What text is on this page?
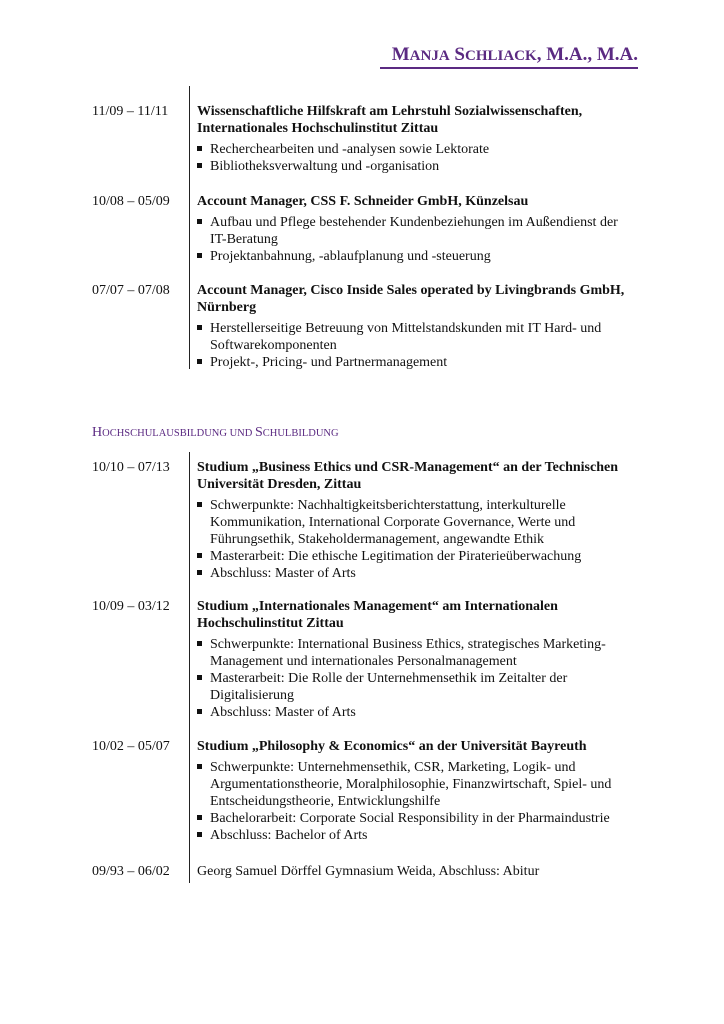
MANJA SCHLIACK, M.A., M.A.
11/09 – 11/11 Wissenschaftliche Hilfskraft am Lehrstuhl Sozialwissenschaften, Internationales Hochschulinstitut Zittau
Recherchearbeiten und -analysen sowie Lektorate
Bibliotheksverwaltung und -organisation
10/08 – 05/09 Account Manager, CSS F. Schneider GmbH, Künzelsau
Aufbau und Pflege bestehender Kundenbeziehungen im Außendienst der IT-Beratung
Projektanbahnung, -ablaufplanung und -steuerung
07/07 – 07/08 Account Manager, Cisco Inside Sales operated by Livingbrands GmbH, Nürnberg
Herstellerseitige Betreuung von Mittelstandskunden mit IT Hard- und Softwarekomponenten
Projekt-, Pricing- und Partnermanagement
HOCHSCHULAUSBILDUNG UND SCHULBILDUNG
10/10 – 07/13 Studium „Business Ethics und CSR-Management“ an der Technischen Universität Dresden, Zittau
Schwerpunkte: Nachhaltigkeitsberichterstattung, interkulturelle Kommunikation, International Corporate Governance, Werte und Führungsethik, Stakeholdermanagement, angewandte Ethik
Masterarbeit: Die ethische Legitimation der Piraterieüberwachung
Abschluss: Master of Arts
10/09 – 03/12 Studium „Internationales Management“ am Internationalen Hochschulinstitut Zittau
Schwerpunkte: International Business Ethics, strategisches Marketing-Management und internationales Personalmanagement
Masterarbeit: Die Rolle der Unternehmensethik im Zeitalter der Digitalisierung
Abschluss: Master of Arts
10/02 – 05/07 Studium „Philosophy & Economics“ an der Universität Bayreuth
Schwerpunkte: Unternehmensethik, CSR, Marketing, Logik- und Argumentationstheorie, Moralphilosophie, Finanzwirtschaft, Spiel- und Entscheidungstheorie, Entwicklungshilfe
Bachelorarbeit: Corporate Social Responsibility in der Pharmaindustrie
Abschluss: Bachelor of Arts
09/93 – 06/02 Georg Samuel Dörffel Gymnasium Weida, Abschluss: Abitur
